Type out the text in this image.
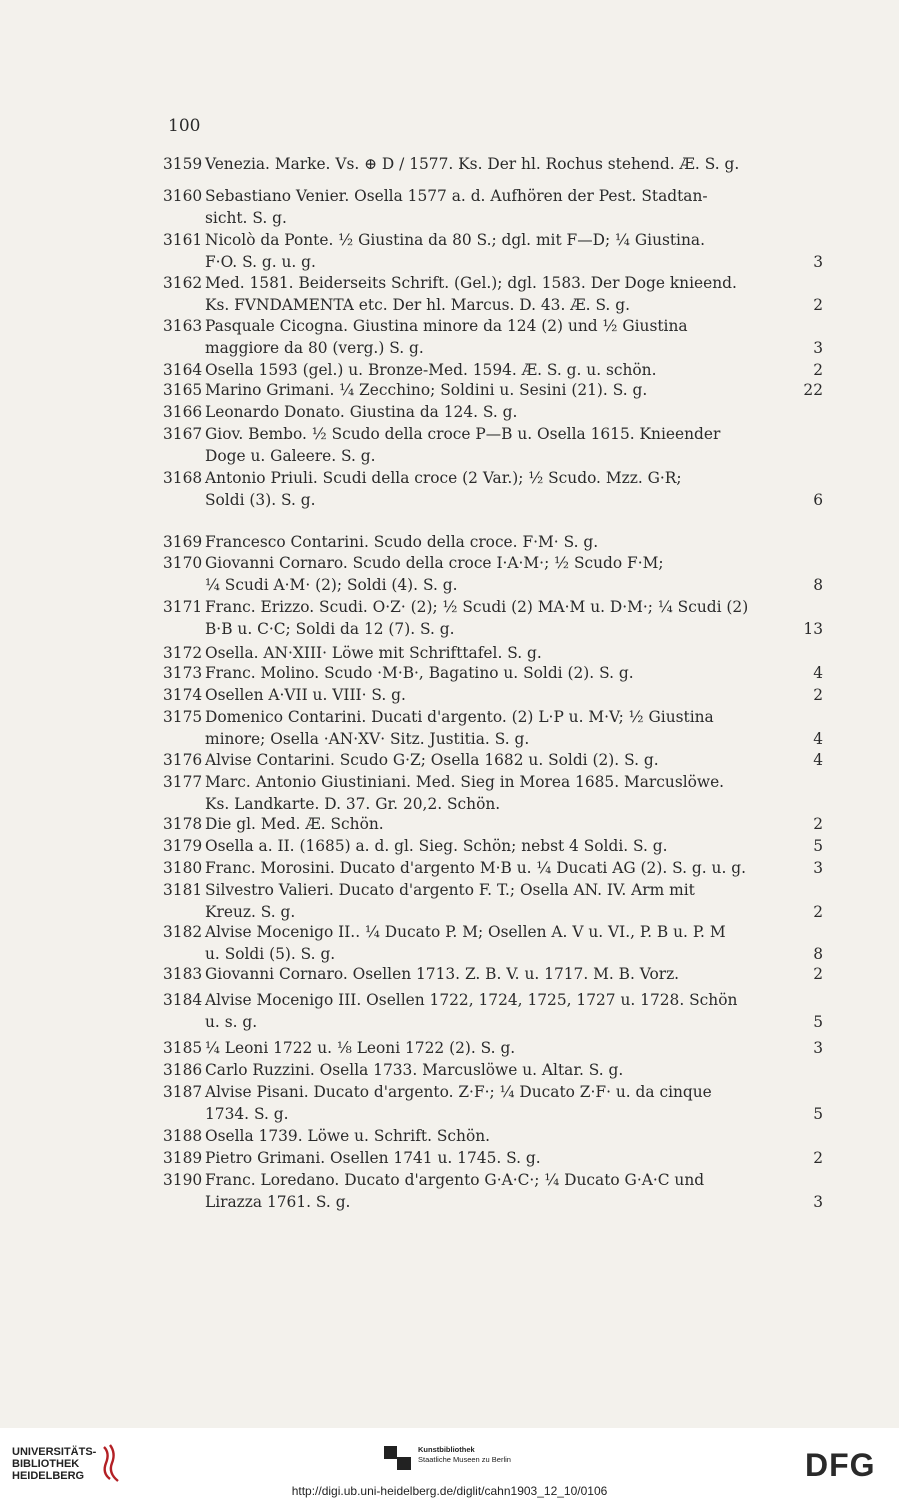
100
3159 Venezia. Marke. Vs. ⊕ D / 1577. Ks. Der hl. Rochus stehend. Æ. S. g.
3160 Sebastiano Venier. Osella 1577 a. d. Aufhören der Pest. Stadtan-
sicht. S. g.
3161 Nicolò da Ponte. ½ Giustina da 80 S.; dgl. mit F—D; ¼ Giustina.
F·O. S. g. u. g.	3
3162 Med. 1581. Beiderseits Schrift. (Gel.); dgl. 1583. Der Doge knieend.
Ks. FVNDAMENTA etc. Der hl. Marcus. D. 43. Æ. S. g.	2
3163 Pasquale Cicogna. Giustina minore da 124 (2) und ½ Giustina
maggiore da 80 (verg.) S. g.	3
3164 Osella 1593 (gel.) u. Bronze-Med. 1594. Æ. S. g. u. schön.	2
3165 Marino Grimani. ¼ Zecchino; Soldini u. Sesini (21). S. g.	22
3166 Leonardo Donato. Giustina da 124. S. g.
3167 Giov. Bembo. ½ Scudo della croce P—B u. Osella 1615. Knieender
Doge u. Galeere. S. g.
3168 Antonio Priuli. Scudi della croce (2 Var.); ½ Scudo. Mzz. G·R;
Soldi (3). S. g.	6
3169 Francesco Contarini. Scudo della croce. F·M· S. g.
3170 Giovanni Cornaro. Scudo della croce I·A·M·; ½ Scudo F·M;
¼ Scudi A·M· (2); Soldi (4). S. g.	8
3171 Franc. Erizzo. Scudi. O·Z· (2); ½ Scudi (2) MA·M u. D·M·; ¼ Scudi (2)
B·B u. C·C; Soldi da 12 (7). S. g.	13
3172 Osella. AN·XIII· Löwe mit Schrifttafel. S. g.
3173 Franc. Molino. Scudo ·M·B·, Bagatino u. Soldi (2). S. g.	4
3174 Osellen A·VII u. VIII· S. g.	2
3175 Domenico Contarini. Ducati d'argento. (2) L·P u. M·V; ½ Giustina
minore; Osella ·AN·XV· Sitz. Justitia. S. g.	4
3176 Alvise Contarini. Scudo G·Z; Osella 1682 u. Soldi (2). S. g.	4
3177 Marc. Antonio Giustiniani. Med. Sieg in Morea 1685. Marcuslöwe.
Ks. Landkarte. D. 37. Gr. 20,2. Schön.
3178 Die gl. Med. Æ. Schön.	2
3179 Osella a. II. (1685) a. d. gl. Sieg. Schön; nebst 4 Soldi. S. g.	5
3180 Franc. Morosini. Ducato d'argento M·B u. ¼ Ducati AG (2). S. g. u. g.	3
3181 Silvestro Valieri. Ducato d'argento F. T.; Osella AN. IV. Arm mit
Kreuz. S. g.	2
3182 Alvise Mocenigo II.. ¼ Ducato P. M; Osellen A. V u. VI., P. B u. P. M
u. Soldi (5). S. g.	8
3183 Giovanni Cornaro. Osellen 1713. Z. B. V. u. 1717. M. B. Vorz.	2
3184 Alvise Mocenigo III. Osellen 1722, 1724, 1725, 1727 u. 1728. Schön
u. s. g.	5
3185 ¼ Leoni 1722 u. ⅛ Leoni 1722 (2). S. g.	3
3186 Carlo Ruzzini. Osella 1733. Marcuslöwe u. Altar. S. g.
3187 Alvise Pisani. Ducato d'argento. Z·F·; ¼ Ducato Z·F· u. da cinque
1734. S. g.	5
3188 Osella 1739. Löwe u. Schrift. Schön.
3189 Pietro Grimani. Osellen 1741 u. 1745. S. g.	2
3190 Franc. Loredano. Ducato d'argento G·A·C·; ¼ Ducato G·A·C und
Lirazza 1761. S. g.	3
UNIVERSITÄTS-
BIBLIOTHEK
HEIDELBERG
Kunstbibliothek
Staatliche Museen zu Berlin	DFG
http://digi.ub.uni-heidelberg.de/diglit/cahn1903_12_10/0106
